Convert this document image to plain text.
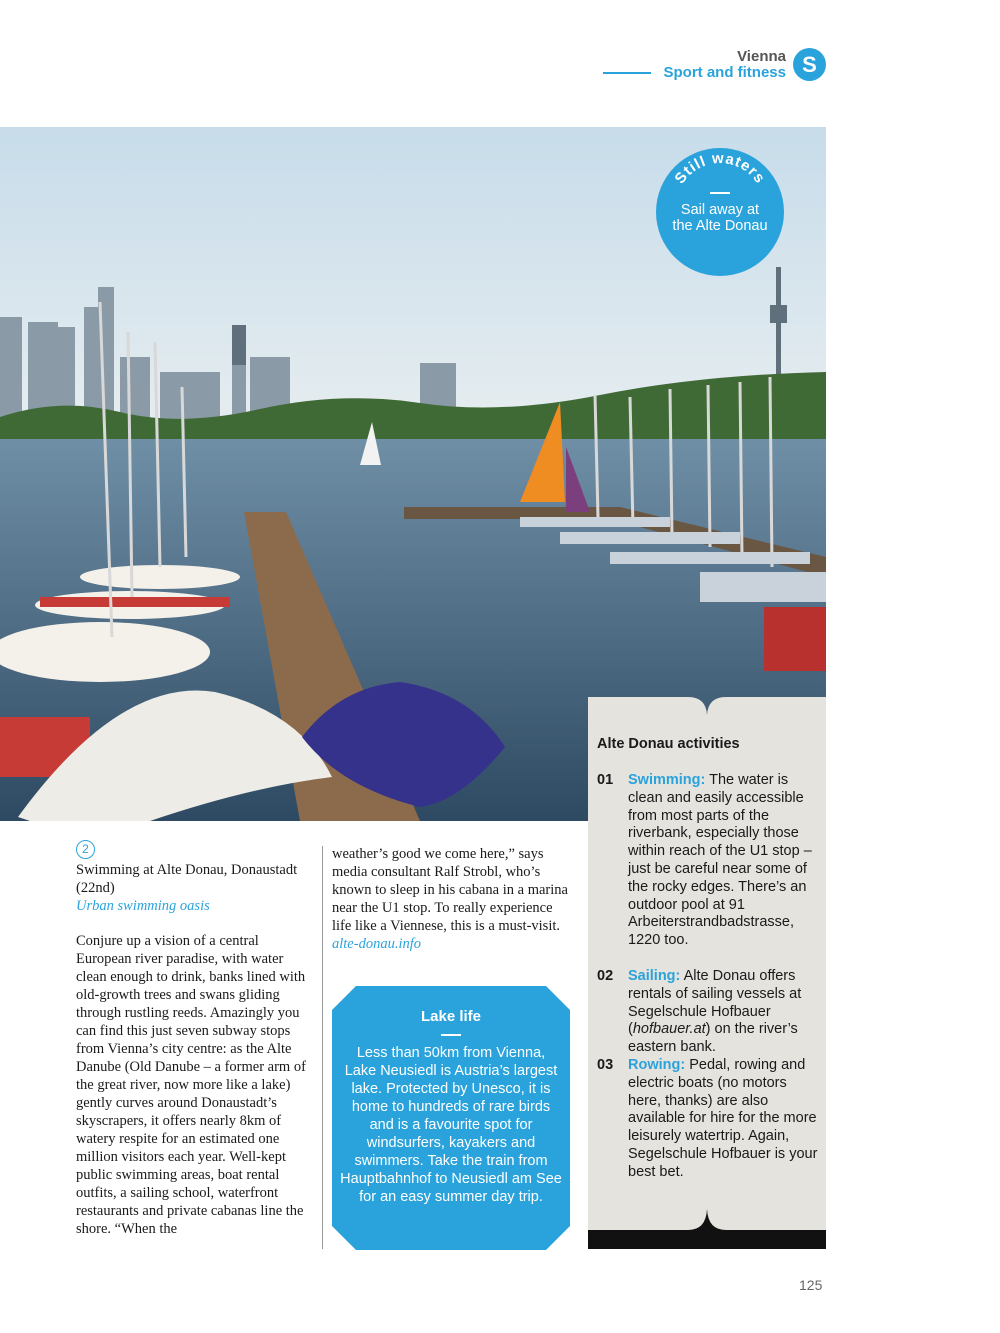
Vienna
Sport and fitness S
Still waters
Sail away at the Alte Donau
2
Swimming at Alte Donau, Donaustadt (22nd)
Urban swimming oasis
Conjure up a vision of a central European river paradise, with water clean enough to drink, banks lined with old-growth trees and swans gliding through rustling reeds. Amazingly you can find this just seven subway stops from Vienna’s city centre: as the Alte Danube (Old Danube – a former arm of the great river, now more like a lake) gently curves around Donaustadt’s skyscrapers, it offers nearly 8km of watery respite for an estimated one million visitors each year. Well-kept public swimming areas, boat rental outfits, a sailing school, waterfront restaurants and private cabanas line the shore. “When the
weather’s good we come here,” says media consultant Ralf Strobl, who’s known to sleep in his cabana in a marina near the U1 stop. To really experience life like a Viennese, this is a must-visit.
alte-donau.info
Lake life
Less than 50km from Vienna, Lake Neusiedl is Austria’s largest lake. Protected by Unesco, it is home to hundreds of rare birds and is a favourite spot for windsurfers, kayakers and swimmers. Take the train from Hauptbahnhof to Neusiedl am See for an easy summer day trip.
Alte Donau activities
01 Swimming: The water is clean and easily accessible from most parts of the riverbank, especially those within reach of the U1 stop – just be careful near some of the rocky edges. There’s an outdoor pool at 91 Arbeiterstrandbadstrasse, 1220 too.
02 Sailing: Alte Donau offers rentals of sailing vessels at Segelschule Hofbauer (hofbauer.at) on the river’s eastern bank.
03 Rowing: Pedal, rowing and electric boats (no motors here, thanks) are also available for hire for the more leisurely watertrip. Again, Segelschule Hofbauer is your best bet.
125
